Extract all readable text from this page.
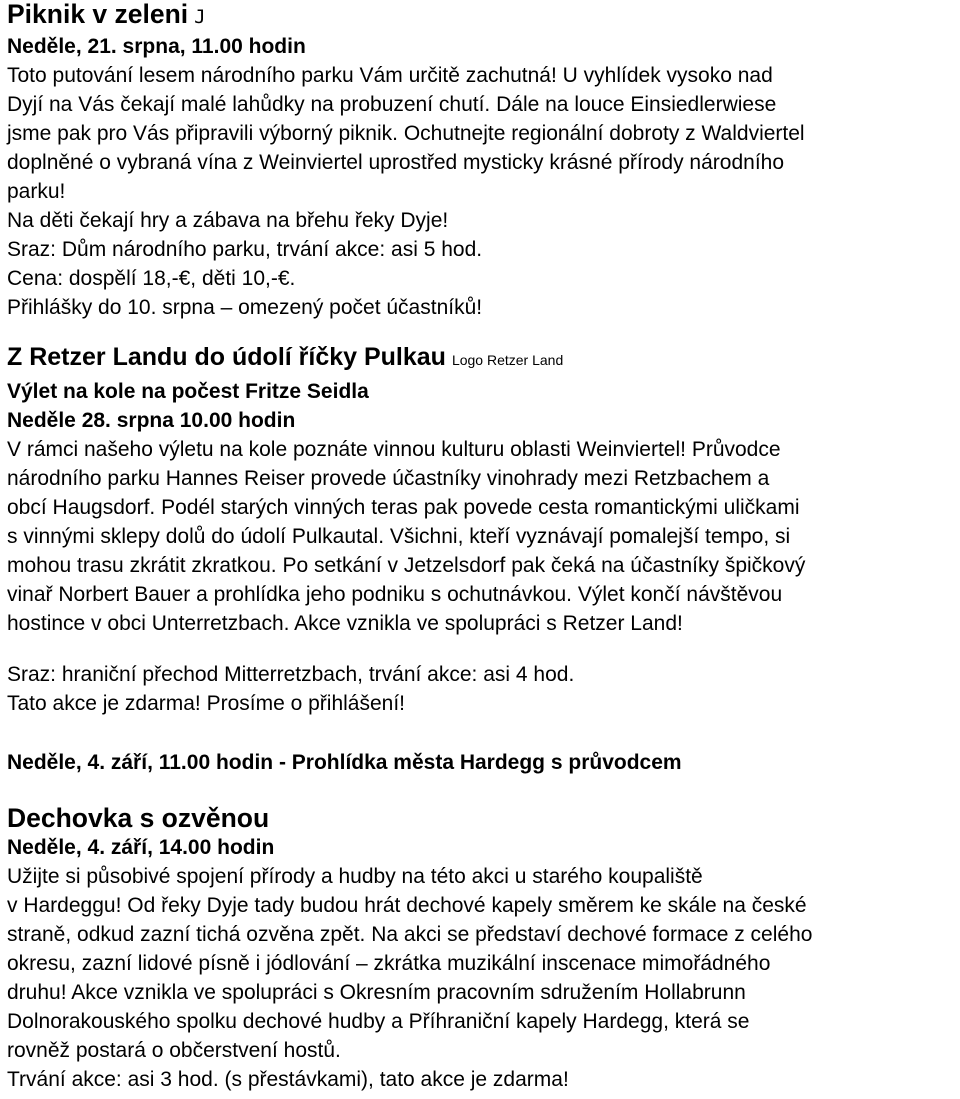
Piknik v zeleni J
Neděle, 21. srpna, 11.00 hodin
Toto putování lesem národního parku Vám určitě zachutná! U vyhlídek vysoko nad
Dyjí na Vás čekají malé lahůdky na probuzení chutí. Dále na louce Einsiedlerwiese
jsme pak pro Vás připravili výborný piknik. Ochutnejte regionální dobroty z Waldviertel
doplněné o vybraná vína z Weinviertel uprostřed mysticky krásné přírody národního
parku!
Na děti čekají hry a zábava na břehu řeky Dyje!
Sraz: Dům národního parku, trvání akce: asi 5 hod.
Cena: dospělí 18,-€, děti 10,-€.
Přihlášky do 10. srpna – omezený počet účastníků!
Z Retzer Landu do údolí říčky Pulkau Logo Retzer Land
Výlet na kole na počest Fritze Seidla
Neděle 28. srpna 10.00 hodin
V rámci našeho výletu na kole poznáte vinnou kulturu oblasti Weinviertel! Průvodce
národního parku Hannes Reiser provede účastníky vinohrady mezi Retzbachem a
obcí Haugsdorf. Podél starých vinných teras pak povede cesta romantickými uličkami
s vinnými sklepy dolů do údolí Pulkautal. Všichni, kteří vyznávají pomalejší tempo, si
mohou trasu zkrátit zkratkou. Po setkání v Jetzelsdorf pak čeká na účastníky špičkový
vinař Norbert Bauer a prohlídka jeho podniku s ochutnávkou. Výlet končí návštěvou
hostince v obci Unterretzbach. Akce vznikla ve spolupráci s Retzer Land!
Sraz: hraniční přechod Mitterretzbach, trvání akce: asi 4 hod.
Tato akce je zdarma! Prosíme o přihlášení!
Neděle, 4. září, 11.00 hodin - Prohlídka města Hardegg s průvodcem
Dechovka s ozvěnou
Neděle, 4. září, 14.00 hodin
Užijte si působivé spojení přírody a hudby na této akci u starého koupaliště
v Hardeggu! Od řeky Dyje tady budou hrát dechové kapely směrem ke skále na české
straně, odkud zazní tichá ozvěna zpět. Na akci se představí dechové formace z celého
okresu, zazní lidové písně i jódlování – zkrátka muzikální inscenace mimořádného
druhu! Akce vznikla ve spolupráci s Okresním pracovním sdružením Hollabrunn
Dolnorakouského spolku dechové hudby a Příhraniční kapely Hardegg, která se
rovněž postará o občerstvení hostů.
Trvání akce: asi 3 hod. (s přestávkami), tato akce je zdarma!
